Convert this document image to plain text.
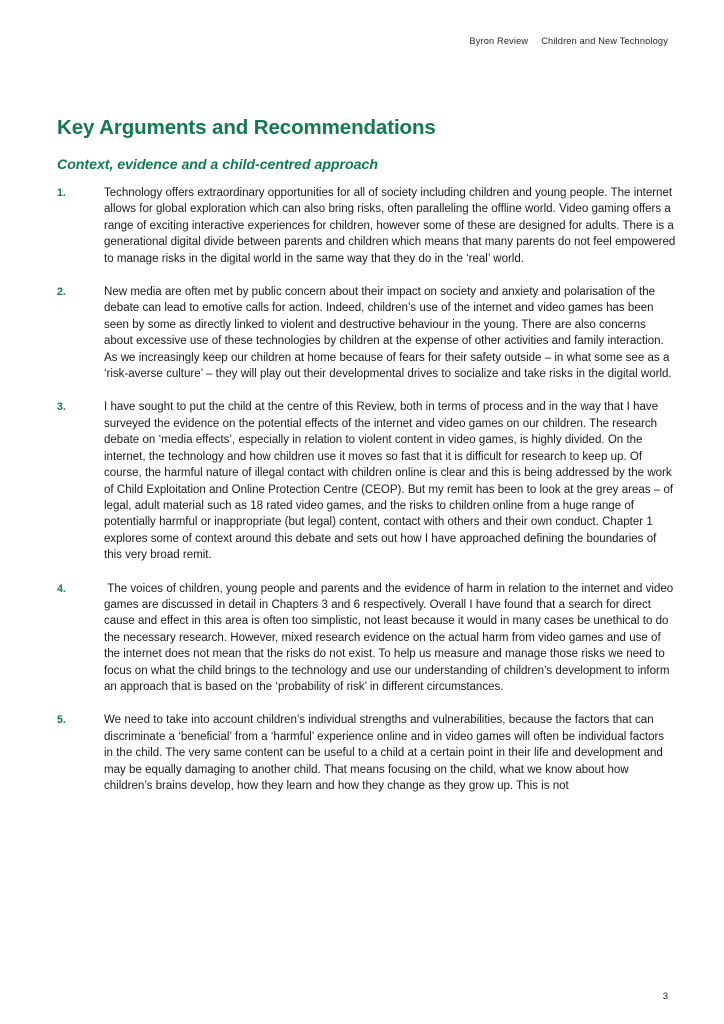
Byron Review Children and New Technology
Key Arguments and Recommendations
Context, evidence and a child-centred approach
1.	Technology offers extraordinary opportunities for all of society including children and young people. The internet allows for global exploration which can also bring risks, often paralleling the offline world. Video gaming offers a range of exciting interactive experiences for children, however some of these are designed for adults. There is a generational digital divide between parents and children which means that many parents do not feel empowered to manage risks in the digital world in the same way that they do in the ‘real’ world.
2.	New media are often met by public concern about their impact on society and anxiety and polarisation of the debate can lead to emotive calls for action. Indeed, children’s use of the internet and video games has been seen by some as directly linked to violent and destructive behaviour in the young. There are also concerns about excessive use of these technologies by children at the expense of other activities and family interaction. As we increasingly keep our children at home because of fears for their safety outside – in what some see as a ‘risk-averse culture’ – they will play out their developmental drives to socialize and take risks in the digital world.
3.	I have sought to put the child at the centre of this Review, both in terms of process and in the way that I have surveyed the evidence on the potential effects of the internet and video games on our children. The research debate on ‘media effects’, especially in relation to violent content in video games, is highly divided. On the internet, the technology and how children use it moves so fast that it is difficult for research to keep up. Of course, the harmful nature of illegal contact with children online is clear and this is being addressed by the work of Child Exploitation and Online Protection Centre (CEOP). But my remit has been to look at the grey areas – of legal, adult material such as 18 rated video games, and the risks to children online from a huge range of potentially harmful or inappropriate (but legal) content, contact with others and their own conduct. Chapter 1 explores some of context around this debate and sets out how I have approached defining the boundaries of this very broad remit.
4.	The voices of children, young people and parents and the evidence of harm in relation to the internet and video games are discussed in detail in Chapters 3 and 6 respectively. Overall I have found that a search for direct cause and effect in this area is often too simplistic, not least because it would in many cases be unethical to do the necessary research. However, mixed research evidence on the actual harm from video games and use of the internet does not mean that the risks do not exist. To help us measure and manage those risks we need to focus on what the child brings to the technology and use our understanding of children’s development to inform an approach that is based on the ‘probability of risk’ in different circumstances.
5.	We need to take into account children’s individual strengths and vulnerabilities, because the factors that can discriminate a ‘beneficial’ from a ‘harmful’ experience online and in video games will often be individual factors in the child. The very same content can be useful to a child at a certain point in their life and development and may be equally damaging to another child. That means focusing on the child, what we know about how children’s brains develop, how they learn and how they change as they grow up. This is not
3
